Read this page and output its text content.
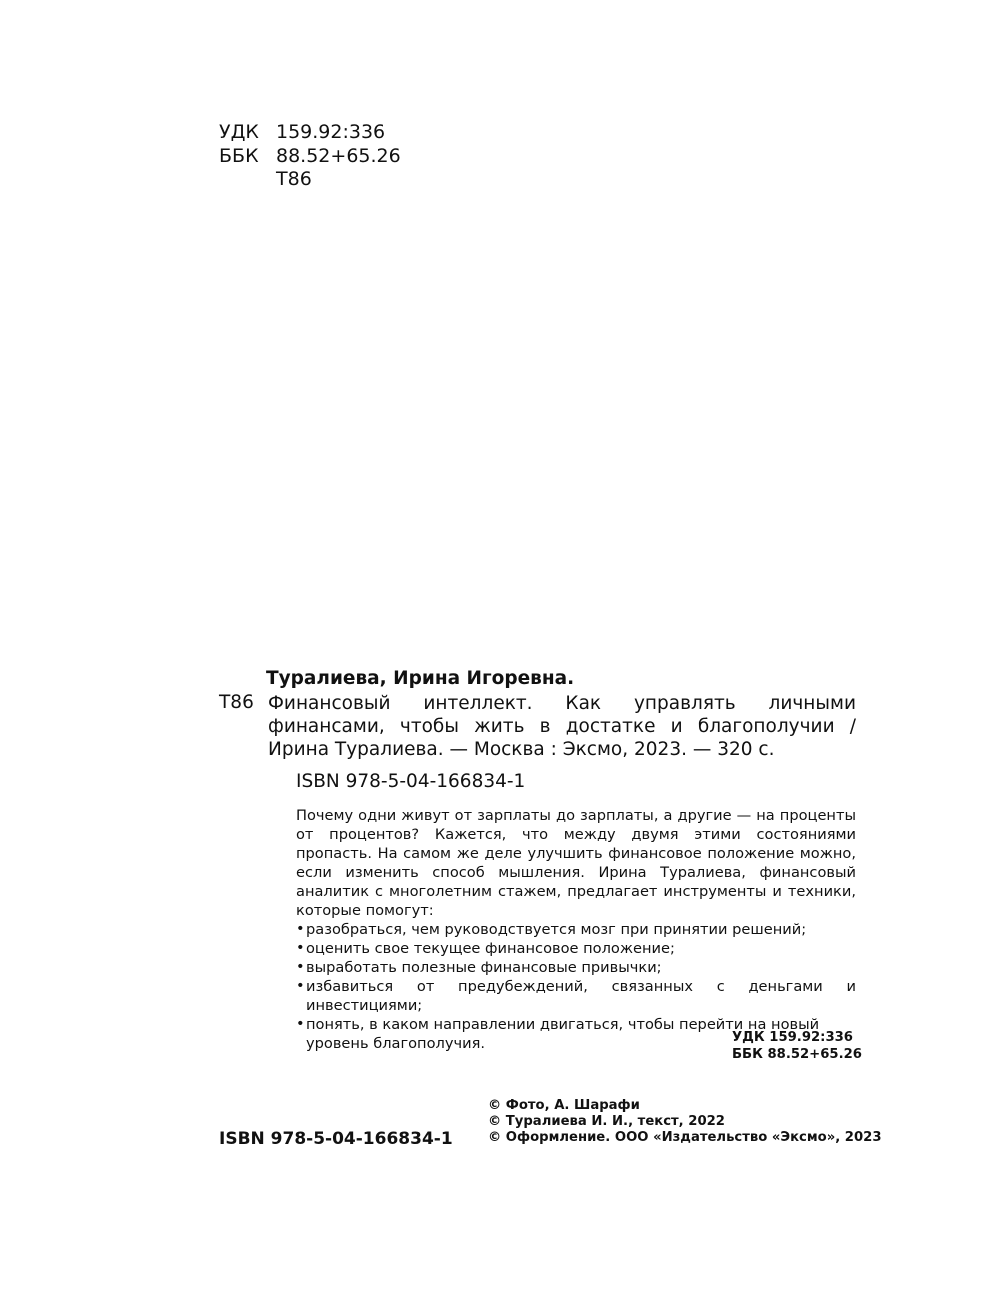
УДК 159.92:336
ББК 88.52+65.26
Т86
Туралиева, Ирина Игоревна.
Т86 Финансовый интеллект. Как управлять личными финансами, чтобы жить в достатке и благополучии / Ирина Туралиева. — Москва : Эксмо, 2023. — 320 с.
ISBN 978-5-04-166834-1
Почему одни живут от зарплаты до зарплаты, а другие — на проценты от процентов? Кажется, что между двумя этими состояниями пропасть. На самом же деле улучшить финансовое положение можно, если изменить способ мышления. Ирина Туралиева, финансовый аналитик с многолетним стажем, предлагает инструменты и техники, которые помогут:
• разобраться, чем руководствуется мозг при принятии решений;
• оценить свое текущее финансовое положение;
• выработать полезные финансовые привычки;
• избавиться от предубеждений, связанных с деньгами и инвестициями;
• понять, в каком направлении двигаться, чтобы перейти на новый уровень благополучия.	УДК 159.92:336
ББК 88.52+65.26
ISBN 978-5-04-166834-1
© Фото, А. Шарафи
© Туралиева И. И., текст, 2022
© Оформление. ООО «Издательство «Эксмо», 2023
